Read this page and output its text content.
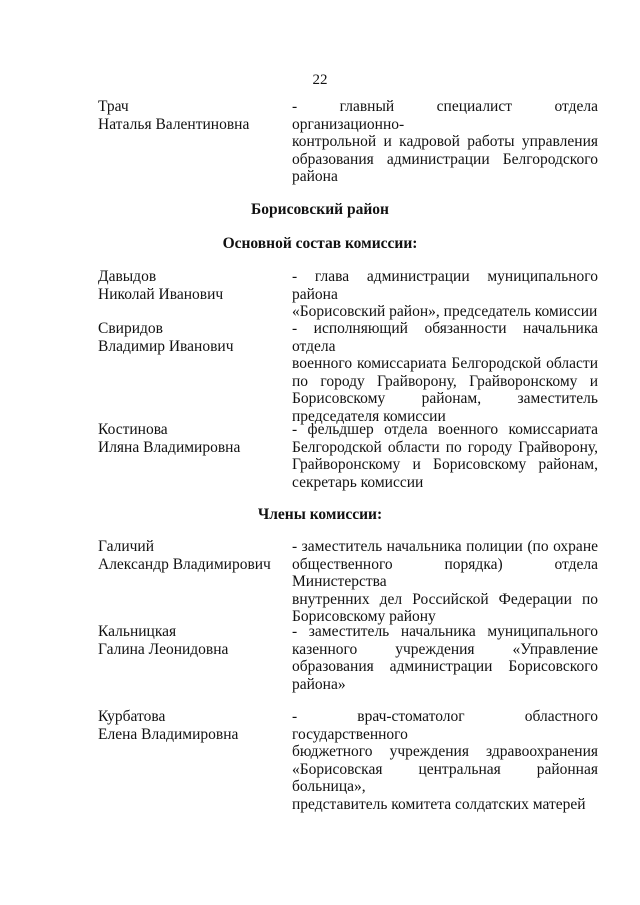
22
Трач
Наталья Валентиновна
- главный специалист отдела организационно-
контрольной и кадровой работы управления
образования администрации Белгородского
района
Борисовский район
Основной состав комиссии:
Давыдов
Николай Иванович
- глава администрации муниципального района
«Борисовский район», председатель комиссии
Свиридов
Владимир Иванович
- исполняющий обязанности начальника отдела
военного комиссариата Белгородской области
по городу Грайворону, Грайворонскому и
Борисовскому районам, заместитель
председателя комиссии
Костинова
Иляна Владимировна
- фельдшер отдела военного комиссариата
Белгородской области по городу Грайворону,
Грайворонскому и Борисовскому районам,
секретарь комиссии
Члены комиссии:
Галичий
Александр Владимирович
- заместитель начальника полиции (по охране
общественного порядка) отдела Министерства
внутренних дел Российской Федерации по
Борисовскому району
Кальницкая
Галина Леонидовна
- заместитель начальника муниципального
казенного учреждения «Управление
образования администрации Борисовского
района»
Курбатова
Елена Владимировна
- врач-стоматолог областного государственного
бюджетного учреждения здравоохранения
«Борисовская центральная районная больница»,
представитель комитета солдатских матерей
